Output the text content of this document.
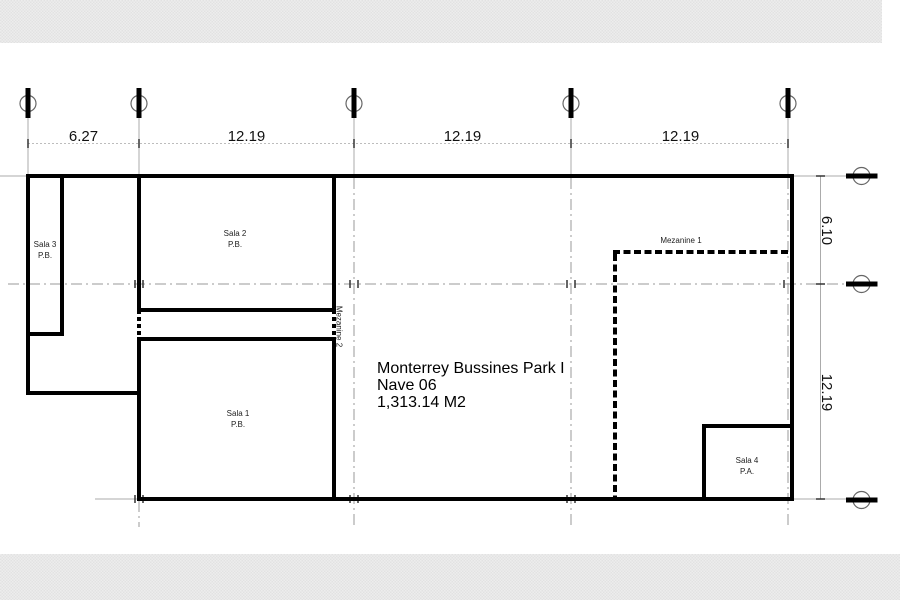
6.27	12.19	12.19	12.19
6.10
12.19
Sala 3
P.B.
Sala 2
P.B.
Sala 1
P.B.
Sala 4
P.A.
Mezanine 1
Mezanine 2
Monterrey Bussines Park I
Nave 06
1,313.14 M2
